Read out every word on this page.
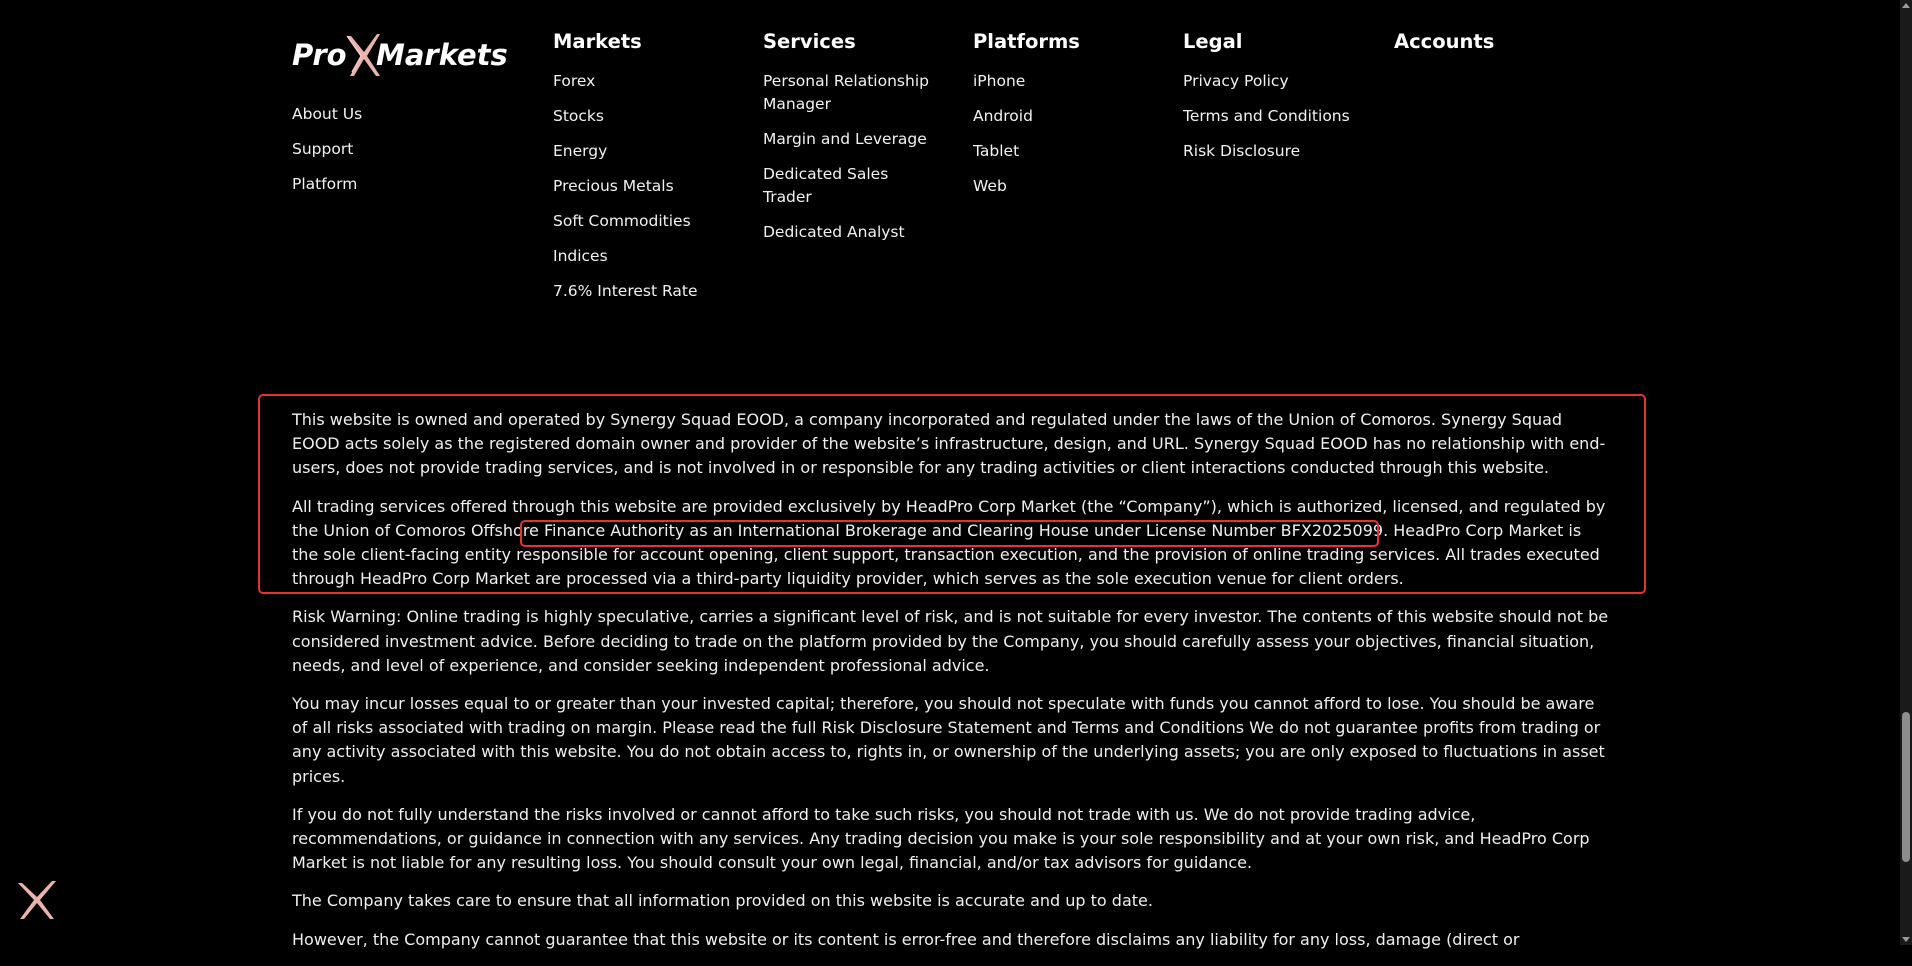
Pro Markets
About Us
Support
Platform
Markets
Forex
Stocks
Energy
Precious Metals
Soft Commodities
Indices
7.6% Interest Rate
Services
Personal Relationship Manager
Margin and Leverage
Dedicated Sales Trader
Dedicated Analyst
Platforms
iPhone
Android
Tablet
Web
Legal
Privacy Policy
Terms and Conditions
Risk Disclosure
Accounts

This website is owned and operated by Synergy Squad EOOD, a company incorporated and regulated under the laws of the Union of Comoros. Synergy Squad EOOD acts solely as the registered domain owner and provider of the website’s infrastructure, design, and URL. Synergy Squad EOOD has no relationship with end-users, does not provide trading services, and is not involved in or responsible for any trading activities or client interactions conducted through this website.

All trading services offered through this website are provided exclusively by HeadPro Corp Market (the “Company”), which is authorized, licensed, and regulated by the Union of Comoros Offshore Finance Authority as an International Brokerage and Clearing House under License Number BFX2025099. HeadPro Corp Market is the sole client-facing entity responsible for account opening, client support, transaction execution, and the provision of online trading services. All trades executed through HeadPro Corp Market are processed via a third-party liquidity provider, which serves as the sole execution venue for client orders.

Risk Warning: Online trading is highly speculative, carries a significant level of risk, and is not suitable for every investor. The contents of this website should not be considered investment advice. Before deciding to trade on the platform provided by the Company, you should carefully assess your objectives, financial situation, needs, and level of experience, and consider seeking independent professional advice.

You may incur losses equal to or greater than your invested capital; therefore, you should not speculate with funds you cannot afford to lose. You should be aware of all risks associated with trading on margin. Please read the full Risk Disclosure Statement and Terms and Conditions We do not guarantee profits from trading or any activity associated with this website. You do not obtain access to, rights in, or ownership of the underlying assets; you are only exposed to fluctuations in asset prices.

If you do not fully understand the risks involved or cannot afford to take such risks, you should not trade with us. We do not provide trading advice, recommendations, or guidance in connection with any services. Any trading decision you make is your sole responsibility and at your own risk, and HeadPro Corp Market is not liable for any resulting loss. You should consult your own legal, financial, and/or tax advisors for guidance.

The Company takes care to ensure that all information provided on this website is accurate and up to date.

However, the Company cannot guarantee that this website or its content is error-free and therefore disclaims any liability for any loss, damage (direct or
